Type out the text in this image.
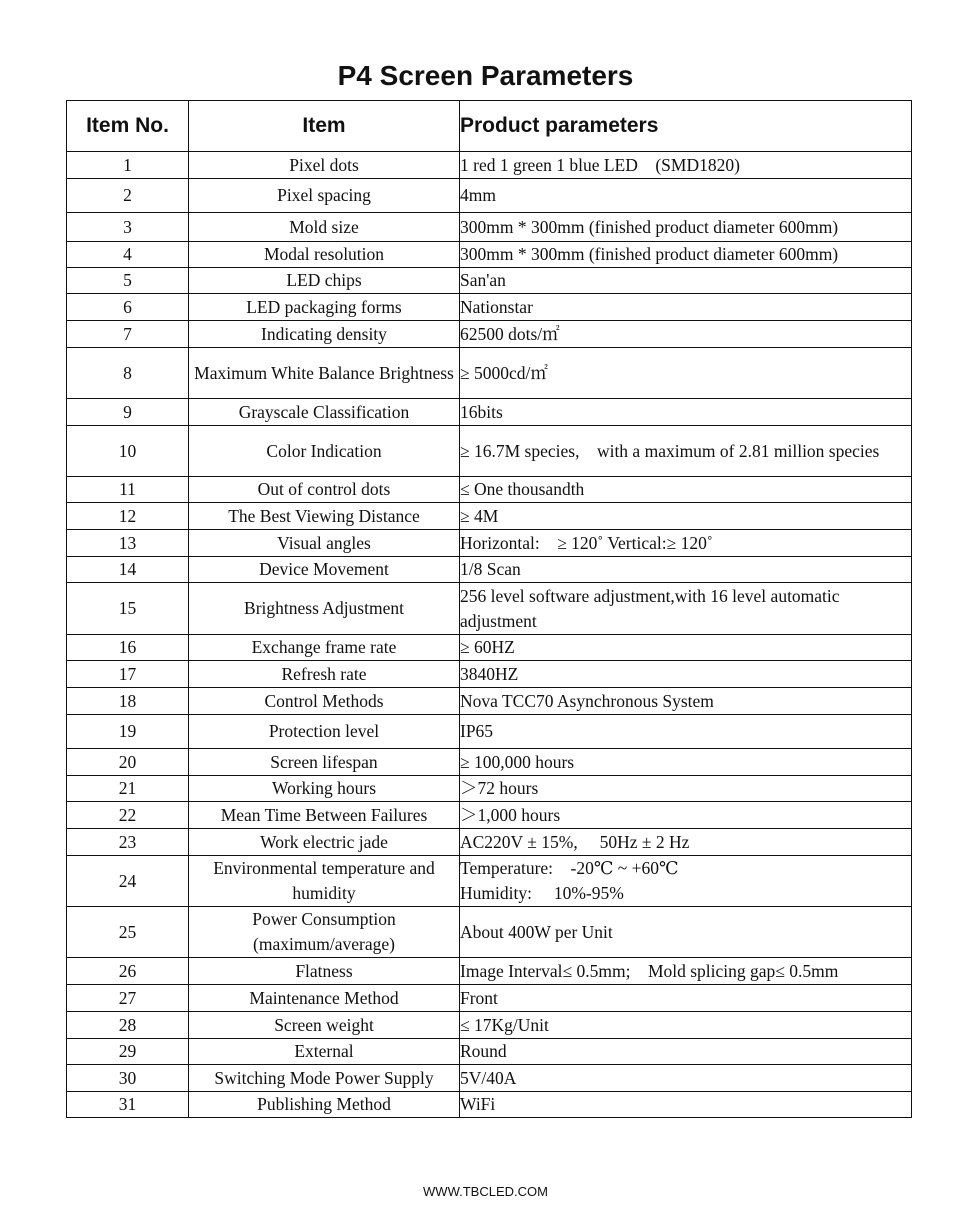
P4 Screen Parameters
Item No.	Item	Product parameters
1	Pixel dots	1 red 1 green 1 blue LED　(SMD1820)
2	Pixel spacing	4mm
3	Mold size	300mm * 300mm (finished product diameter 600mm)
4	Modal resolution	300mm * 300mm (finished product diameter 600mm)
5	LED chips	San'an
6	LED packaging forms	Nationstar
7	Indicating density	62500 dots/㎡
8	Maximum White Balance Brightness	≥ 5000cd/㎡
9	Grayscale Classification	16bits
10	Color Indication	≥ 16.7M species,　with a maximum of 2.81 million species
11	Out of control dots	≤ One thousandth
12	The Best Viewing Distance	≥ 4M
13	Visual angles	Horizontal:　≥ 120˚ Vertical:≥ 120˚
14	Device Movement	1/8 Scan
15	Brightness Adjustment	256 level software adjustment,with 16 level automatic adjustment
16	Exchange frame rate	≥ 60HZ
17	Refresh rate	3840HZ
18	Control Methods	Nova TCC70 Asynchronous System
19	Protection level	IP65
20	Screen lifespan	≥ 100,000 hours
21	Working hours	＞72 hours
22	Mean Time Between Failures	＞1,000 hours
23	Work electric jade	AC220V ± 15%,　 50Hz ± 2 Hz
24	Environmental temperature and humidity	Temperature:　-20℃ ~ +60℃
Humidity:　 10%-95%

25	Power Consumption (maximum/average)	About 400W per Unit
26	Flatness	Image Interval≤ 0.5mm;　Mold splicing gap≤ 0.5mm
27	Maintenance Method	Front
28	Screen weight	≤ 17Kg/Unit
29	External	Round
30	Switching Mode Power Supply	5V/40A
31	Publishing Method	WiFi
WWW.TBCLED.COM
